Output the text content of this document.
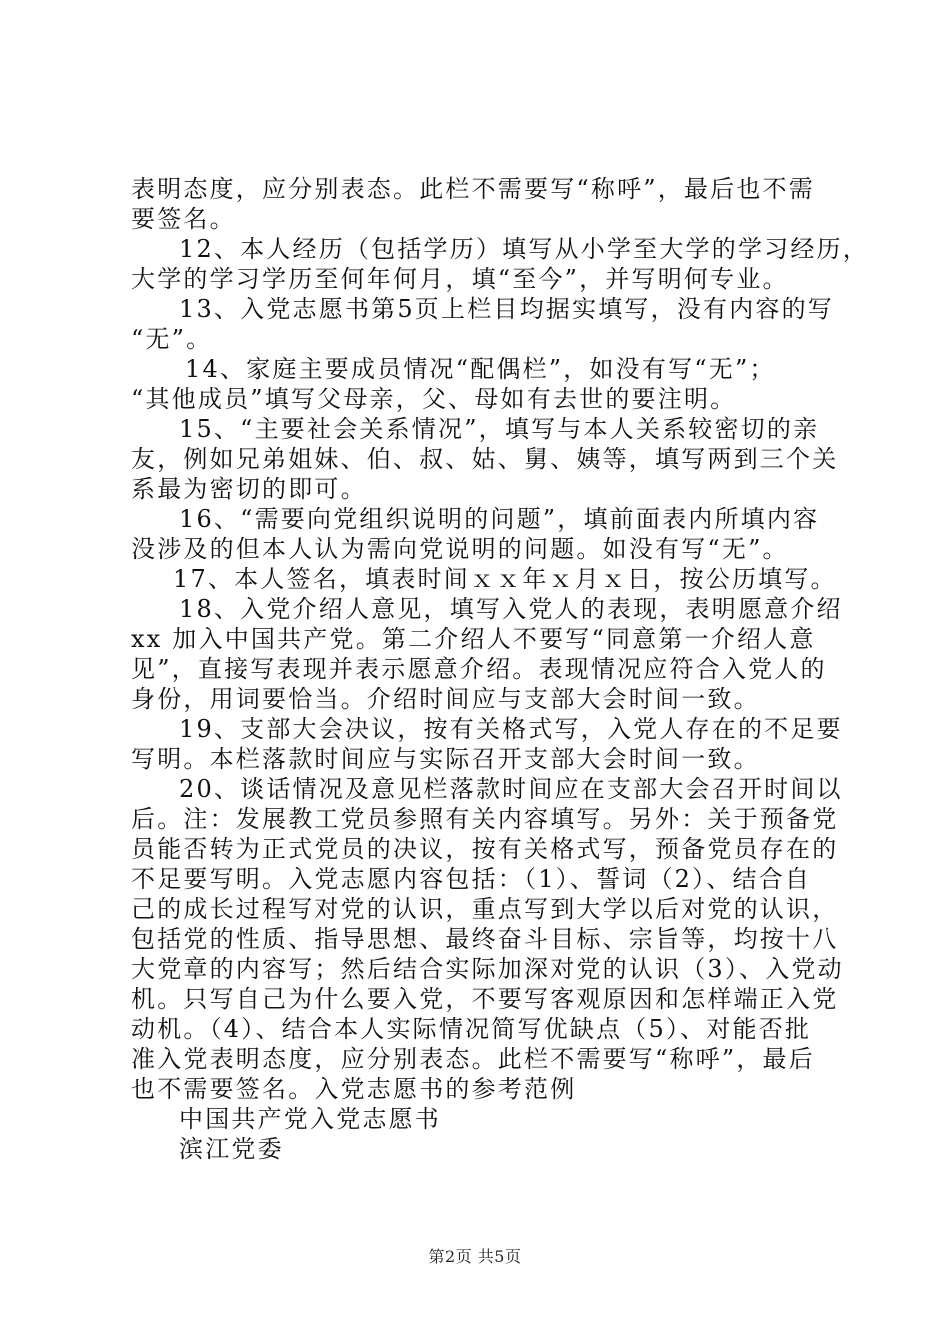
表明态度，应分别表态。此栏不需要写“称呼”，最后也不需
要签名。
12、本人经历（包括学历）填写从小学至大学的学习经历，
大学的学习学历至何年何月，填“至今”，并写明何专业。
13、入党志愿书第5页上栏目均据实填写，没有内容的写
“无”。
14、家庭主要成员情况“配偶栏”，如没有写“无”；
“其他成员”填写父母亲，父、母如有去世的要注明。
15、“主要社会关系情况”，填写与本人关系较密切的亲
友，例如兄弟姐妹、伯、叔、姑、舅、姨等，填写两到三个关
系最为密切的即可。
16、“需要向党组织说明的问题”，填前面表内所填内容
没涉及的但本人认为需向党说明的问题。如没有写“无”。
17、本人签名，填表时间ｘｘ年ｘ月ｘ日，按公历填写。
18、入党介绍人意见，填写入党人的表现，表明愿意介绍
xx 加入中国共产党。第二介绍人不要写“同意第一介绍人意
见”，直接写表现并表示愿意介绍。表现情况应符合入党人的
身份，用词要恰当。介绍时间应与支部大会时间一致。
19、支部大会决议，按有关格式写，入党人存在的不足要
写明。本栏落款时间应与实际召开支部大会时间一致。
20、谈话情况及意见栏落款时间应在支部大会召开时间以
后。注：发展教工党员参照有关内容填写。另外：关于预备党
员能否转为正式党员的决议，按有关格式写，预备党员存在的
不足要写明。入党志愿内容包括：（1）、誓词（2）、结合自
己的成长过程写对党的认识，重点写到大学以后对党的认识，
包括党的性质、指导思想、最终奋斗目标、宗旨等，均按十八
大党章的内容写；然后结合实际加深对党的认识（3）、入党动
机。只写自己为什么要入党，不要写客观原因和怎样端正入党
动机。（4）、结合本人实际情况简写优缺点（5）、对能否批
准入党表明态度，应分别表态。此栏不需要写“称呼”，最后
也不需要签名。入党志愿书的参考范例
中国共产党入党志愿书
滨江党委
第2页 共5页
